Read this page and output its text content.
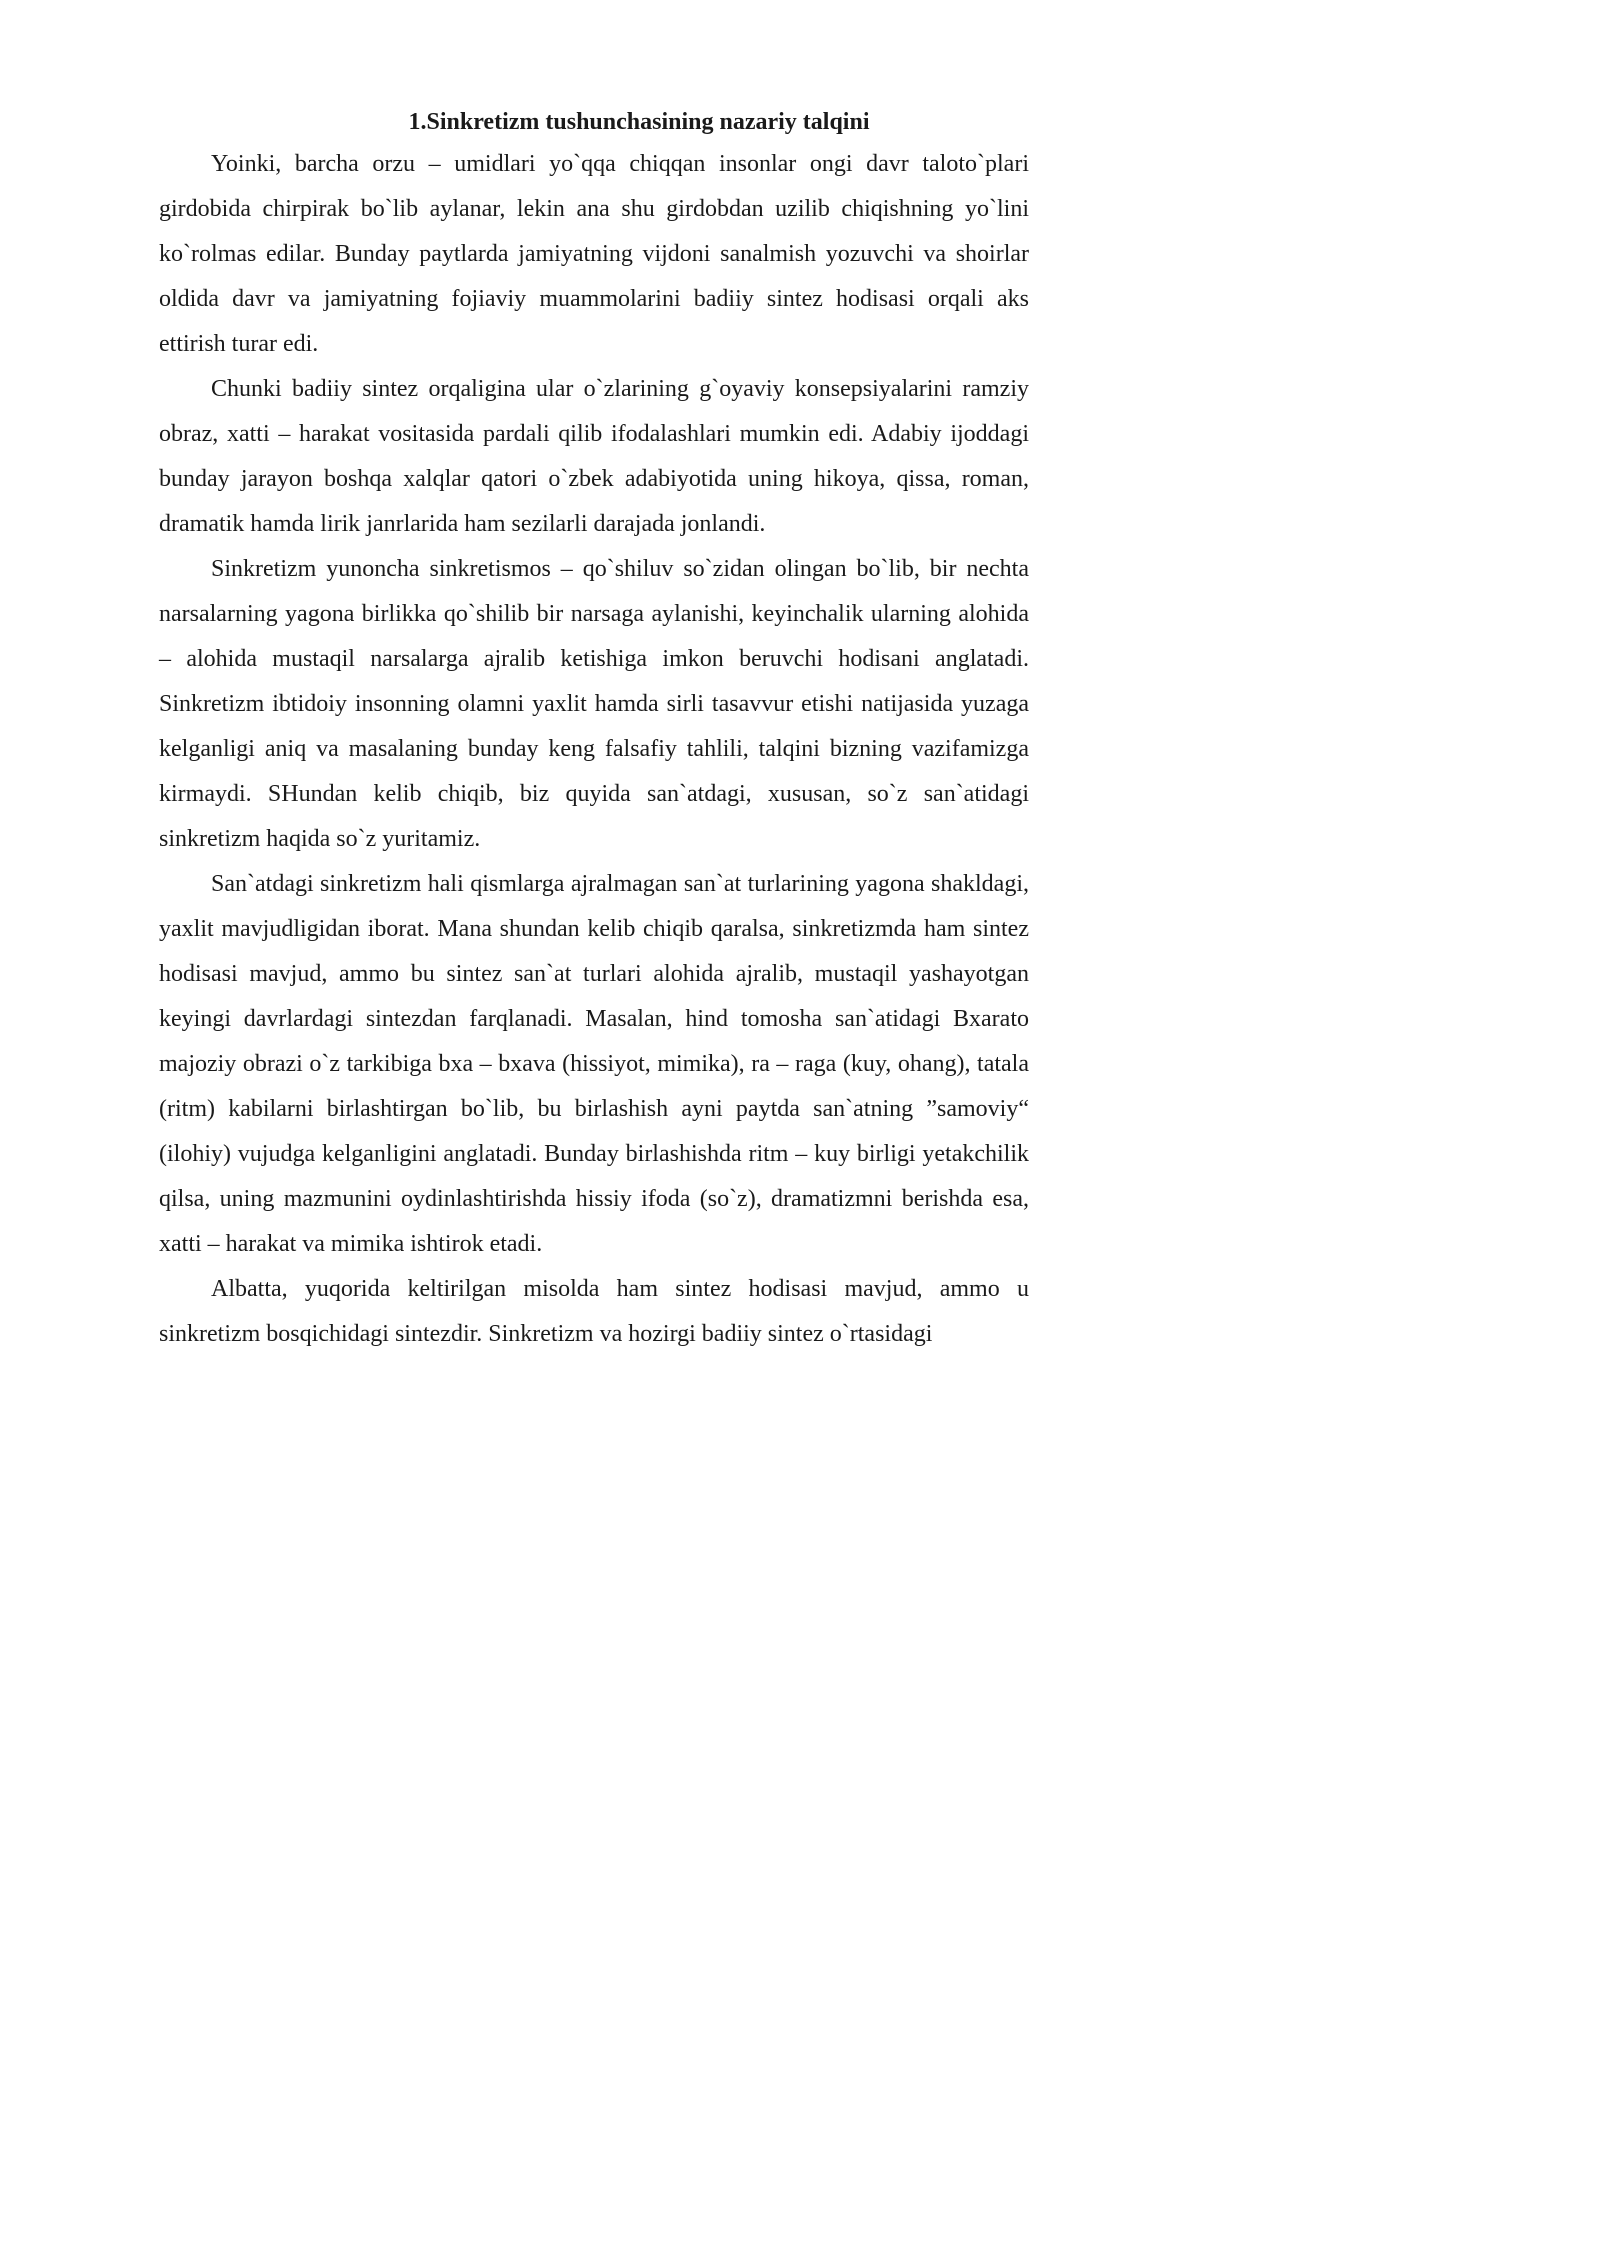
1.Sinkretizm tushunchasining nazariy talqini

Yoinki, barcha orzu – umidlari yo`qqa chiqqan insonlar ongi davr taloto`plari girdobida chirpirak bo`lib aylanar, lekin ana shu girdobdan uzilib chiqishning yo`lini ko`rolmas edilar. Bunday paytlarda jamiyatning vijdoni sanalmish yozuvchi va shoirlar oldida davr va jamiyatning fojiaviy muammolarini badiiy sintez hodisasi orqali aks ettirish turar edi.

Chunki badiiy sintez orqaligina ular o`zlarining g`oyaviy konsepsiyalarini ramziy obraz, xatti – harakat vositasida pardali qilib ifodalashlari mumkin edi. Adabiy ijoddagi bunday jarayon boshqa xalqlar qatori o`zbek adabiyotida uning hikoya, qissa, roman, dramatik hamda lirik janrlarida ham sezilarli darajada jonlandi.

Sinkretizm yunoncha sinkretismos – qo`shiluv so`zidan olingan bo`lib, bir nechta narsalarning yagona birlikka qo`shilib bir narsaga aylanishi, keyinchalik ularning alohida – alohida mustaqil narsalarga ajralib ketishiga imkon beruvchi hodisani anglatadi. Sinkretizm ibtidoiy insonning olamni yaxlit hamda sirli tasavvur etishi natijasida yuzaga kelganligi aniq va masalaning bunday keng falsafiy tahlili, talqini bizning vazifamizga kirmaydi. SHundan kelib chiqib, biz quyida san`atdagi, xususan, so`z san`atidagi sinkretizm haqida so`z yuritamiz.

San`atdagi sinkretizm hali qismlarga ajralmagan san`at turlarining yagona shakldagi, yaxlit mavjudligidan iborat. Mana shundan kelib chiqib qaralsa, sinkretizmda ham sintez hodisasi mavjud, ammo bu sintez san`at turlari alohida ajralib, mustaqil yashayotgan keyingi davrlardagi sintezdan farqlanadi. Masalan, hind tomosha san`atidagi Bxarato majoziy obrazi o`z tarkibiga bxa – bxava (hissiyot, mimika), ra – raga (kuy, ohang), tatala (ritm) kabilarni birlashtirgan bo`lib, bu birlashish ayni paytda san`atning ”samoviy“ (ilohiy) vujudga kelganligini anglatadi. Bunday birlashishda ritm – kuy birligi yetakchilik qilsa, uning mazmunini oydinlashtirishda hissiy ifoda (so`z), dramatizmni berishda esa, xatti – harakat va mimika ishtirok etadi.

Albatta, yuqorida keltirilgan misolda ham sintez hodisasi mavjud, ammo u sinkretizm bosqichidagi sintezdir. Sinkretizm va hozirgi badiiy sintez o`rtasidagi
